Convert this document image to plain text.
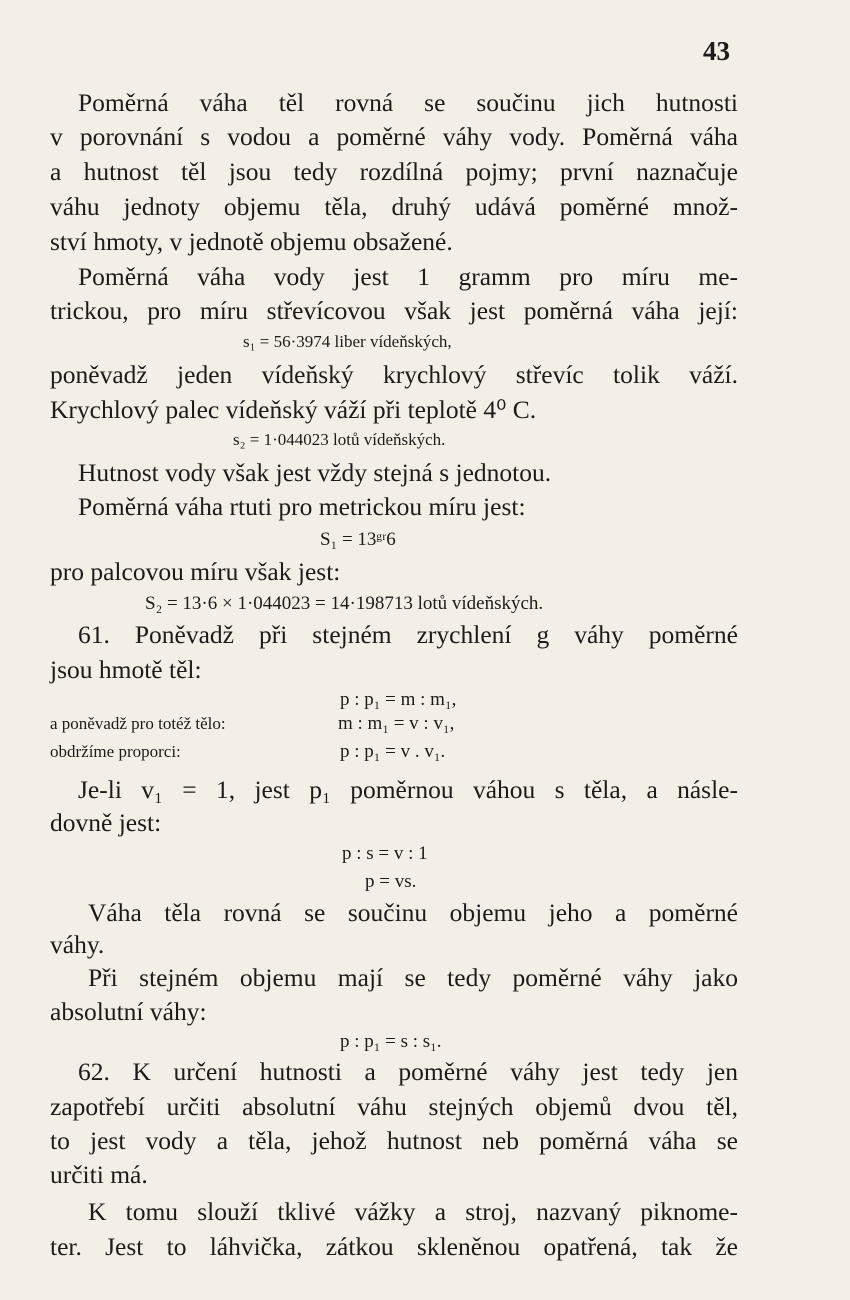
43
Poměrná váha těl rovná se součinu jich hutnosti
v porovnání s vodou a poměrné váhy vody. Poměrná váha
a hutnost těl jsou tedy rozdílná pojmy; první naznačuje
váhu jednoty objemu těla, druhý udává poměrné množ-
ství hmoty, v jednotě objemu obsažené.
Poměrná váha vody jest 1 gramm pro míru me-
trickou, pro míru střevícovou však jest poměrná váha její:
s₁ = 56·3974 liber vídeňských,
poněvadž jeden vídeňský krychlový střevíc tolik váží.
Krychlový palec vídeňský váží při teplotě 4⁰ C.
s₂ = 1·044023 lotů vídeňských.
Hutnost vody však jest vždy stejná s jednotou.
Poměrná váha rtuti pro metrickou míru jest:
S₁ = 13ᵍʳ6
pro palcovou míru však jest:
S₂ = 13·6 × 1·044023 = 14·198713 lotů vídeňských.
61. Poněvadž při stejném zrychlení g váhy poměrné
jsou hmotě těl:
p : p₁ = m : m₁,
a poněvadž pro totéž tělo:	m : m₁ = v : v₁,
obdržíme proporci:	p : p₁ = v . v₁.
Je-li v₁ = 1, jest p₁ poměrnou váhou s těla, a násle-
dovně jest:
p : s = v : 1
p = vs.
Váha těla rovná se součinu objemu jeho a poměrné
váhy.
Při stejném objemu mají se tedy poměrné váhy jako
absolutní váhy:
p : p₁ = s : s₁.
62. K určení hutnosti a poměrné váhy jest tedy jen
zapotřebí určiti absolutní váhu stejných objemů dvou těl,
to jest vody a těla, jehož hutnost neb poměrná váha se
určiti má.
K tomu slouží tklivé vážky a stroj, nazvaný piknome-
ter. Jest to láhvička, zátkou skleněnou opatřená, tak že
